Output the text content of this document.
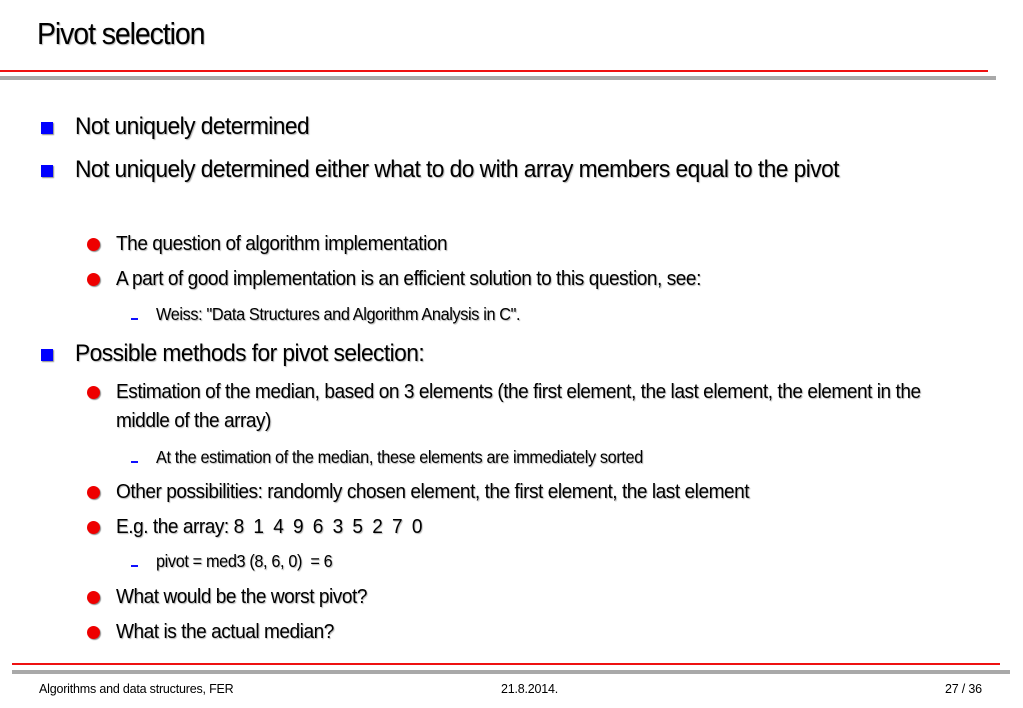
Pivot selection
Not uniquely determined
Not uniquely determined either what to do with array members equal to the pivot
The question of algorithm implementation
A part of good implementation is an efficient solution to this question, see:
Weiss: "Data Structures and Algorithm Analysis in C".
Possible methods for pivot selection:
Estimation of the median, based on 3 elements (the first element, the last element, the element in the middle of the array)
At the estimation of the median, these elements are immediately sorted
Other possibilities: randomly chosen element, the first element, the last element
E.g. the array: 8  1  4  9  6  3  5  2  7  0
pivot = med3 (8, 6, 0)  = 6
What would be the worst pivot?
What is the actual median?
Algorithms and data structures, FER	21.8.2014.	27 / 36
